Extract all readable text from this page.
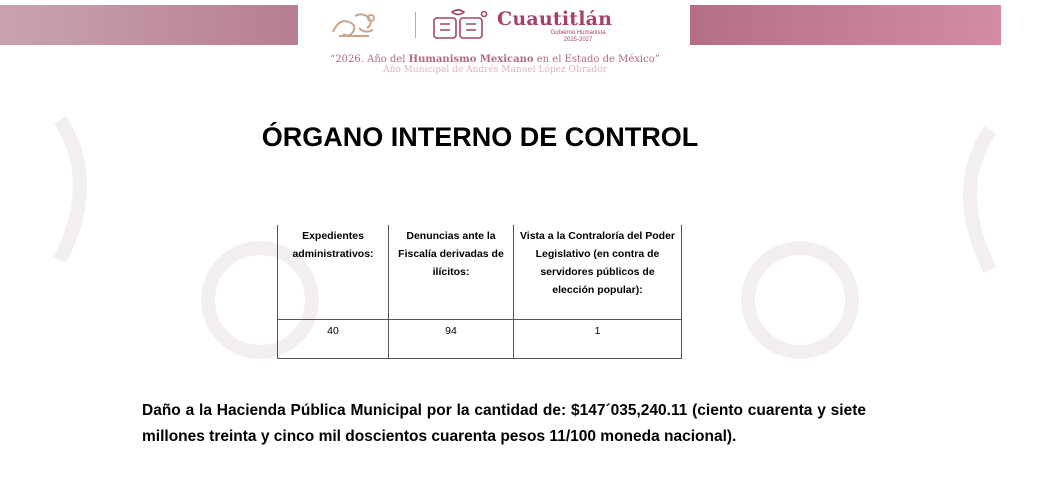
Cuautitlán
Gobierno Humanista
2025-2027
“2026. Año del Humanismo Mexicano en el Estado de México”
Año Municipal de Andrés Manuel López Obrador
ÓRGANO INTERNO DE CONTROL
Expedientes administrativos:	Denuncias ante la Fiscalía derivadas de ilícitos:	Vista a la Contraloría del Poder Legislativo (en contra de servidores públicos de elección popular):
40	94	1
Daño a la Hacienda Pública Municipal por la cantidad de: $147´035,240.11 (ciento cuarenta y siete millones treinta y cinco mil doscientos cuarenta pesos 11/100 moneda nacional).
